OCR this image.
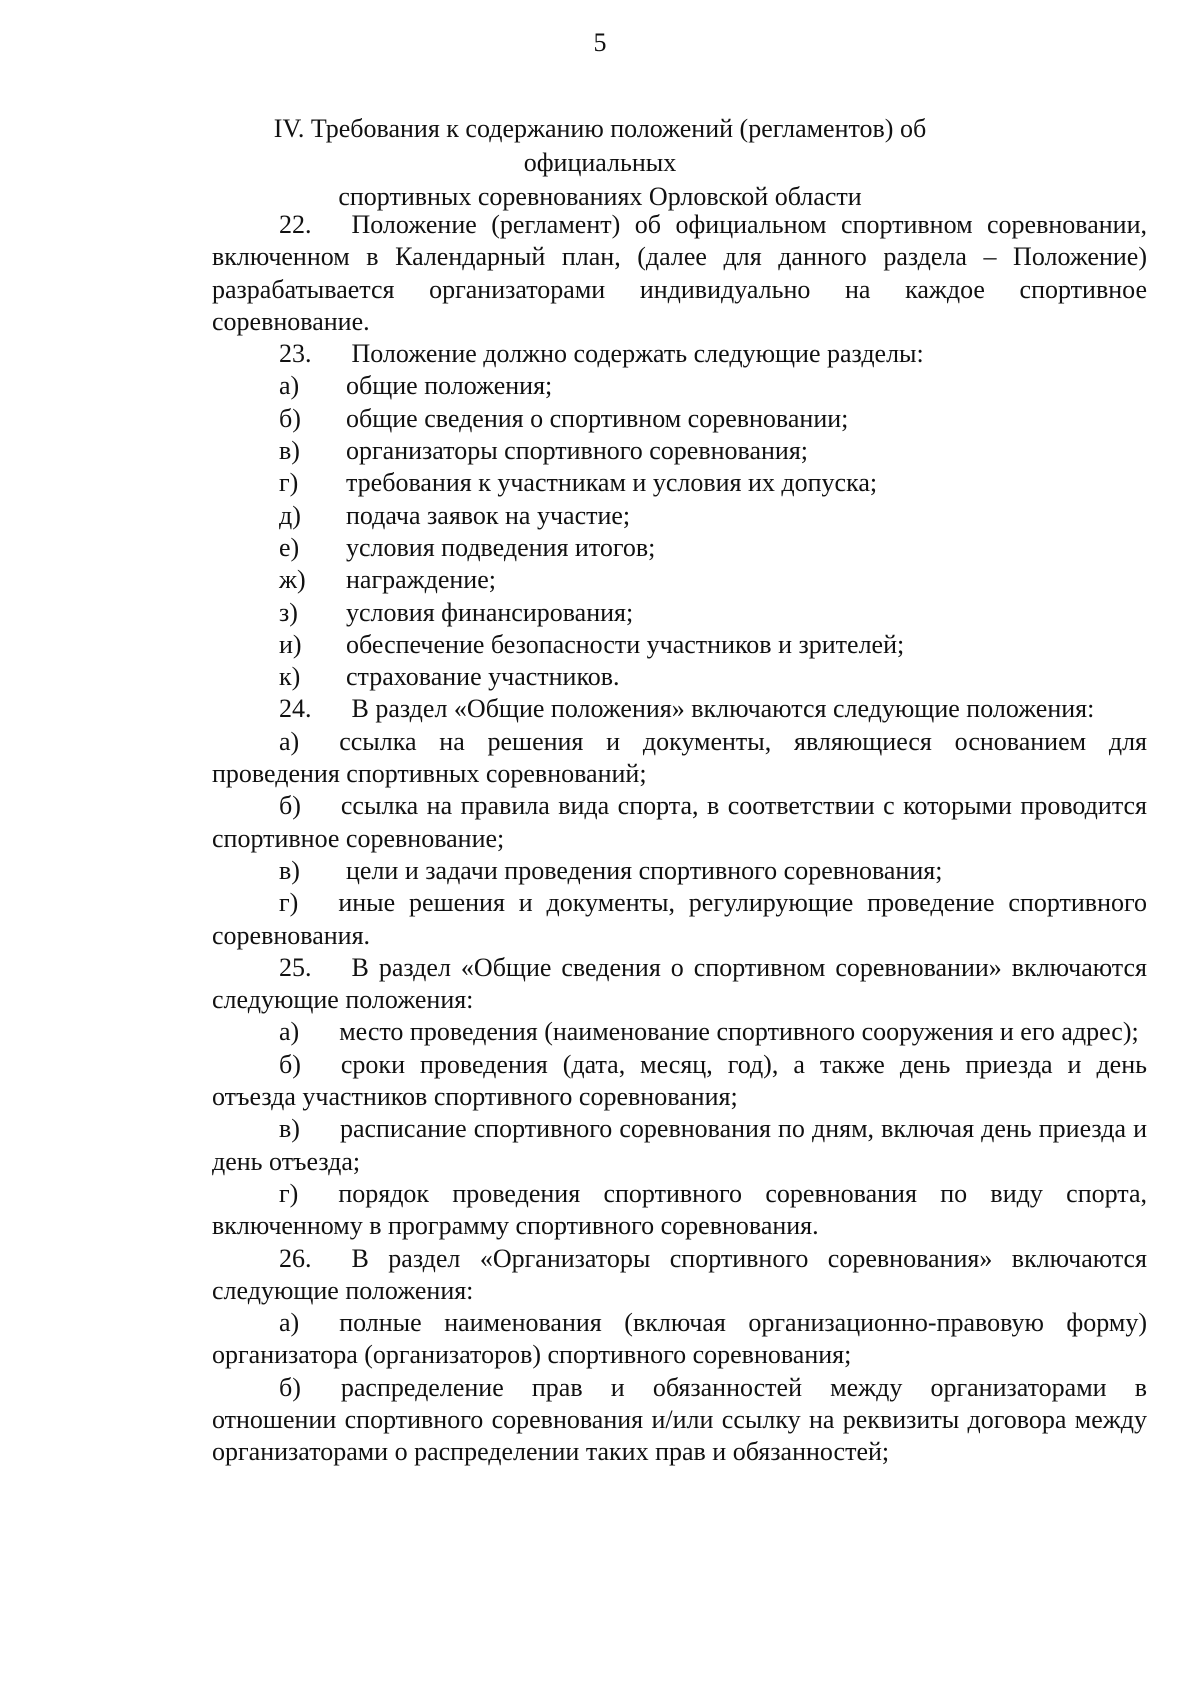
5
IV. Требования к содержанию положений (регламентов) об официальных
спортивных соревнованиях Орловской области
22. Положение (регламент) об официальном спортивном соревновании, включенном в Календарный план, (далее для данного раздела – Положение) разрабатывается организаторами индивидуально на каждое спортивное соревнование.
23. Положение должно содержать следующие разделы:
а)	общие положения;
б)	общие сведения о спортивном соревновании;
в)	организаторы спортивного соревнования;
г)	требования к участникам и условия их допуска;
д)	подача заявок на участие;
е)	условия подведения итогов;
ж)	награждение;
з)	условия финансирования;
и)	обеспечение безопасности участников и зрителей;
к)	страхование участников.
24. В раздел «Общие положения» включаются следующие положения:
а) ссылка на решения и документы, являющиеся основанием для проведения спортивных соревнований;
б) ссылка на правила вида спорта, в соответствии с которыми проводится спортивное соревнование;
в)	цели и задачи проведения спортивного соревнования;
г) иные решения и документы, регулирующие проведение спортивного соревнования.
25. В раздел «Общие сведения о спортивном соревновании» включаются следующие положения:
а) место проведения (наименование спортивного сооружения и его адрес);
б) сроки проведения (дата, месяц, год), а также день приезда и день отъезда участников спортивного соревнования;
в) расписание спортивного соревнования по дням, включая день приезда и день отъезда;
г) порядок проведения спортивного соревнования по виду спорта, включенному в программу спортивного соревнования.
26. В раздел «Организаторы спортивного соревнования» включаются следующие положения:
а) полные наименования (включая организационно-правовую форму) организатора (организаторов) спортивного соревнования;
б) распределение прав и обязанностей между организаторами в отношении спортивного соревнования и/или ссылку на реквизиты договора между организаторами о распределении таких прав и обязанностей;
